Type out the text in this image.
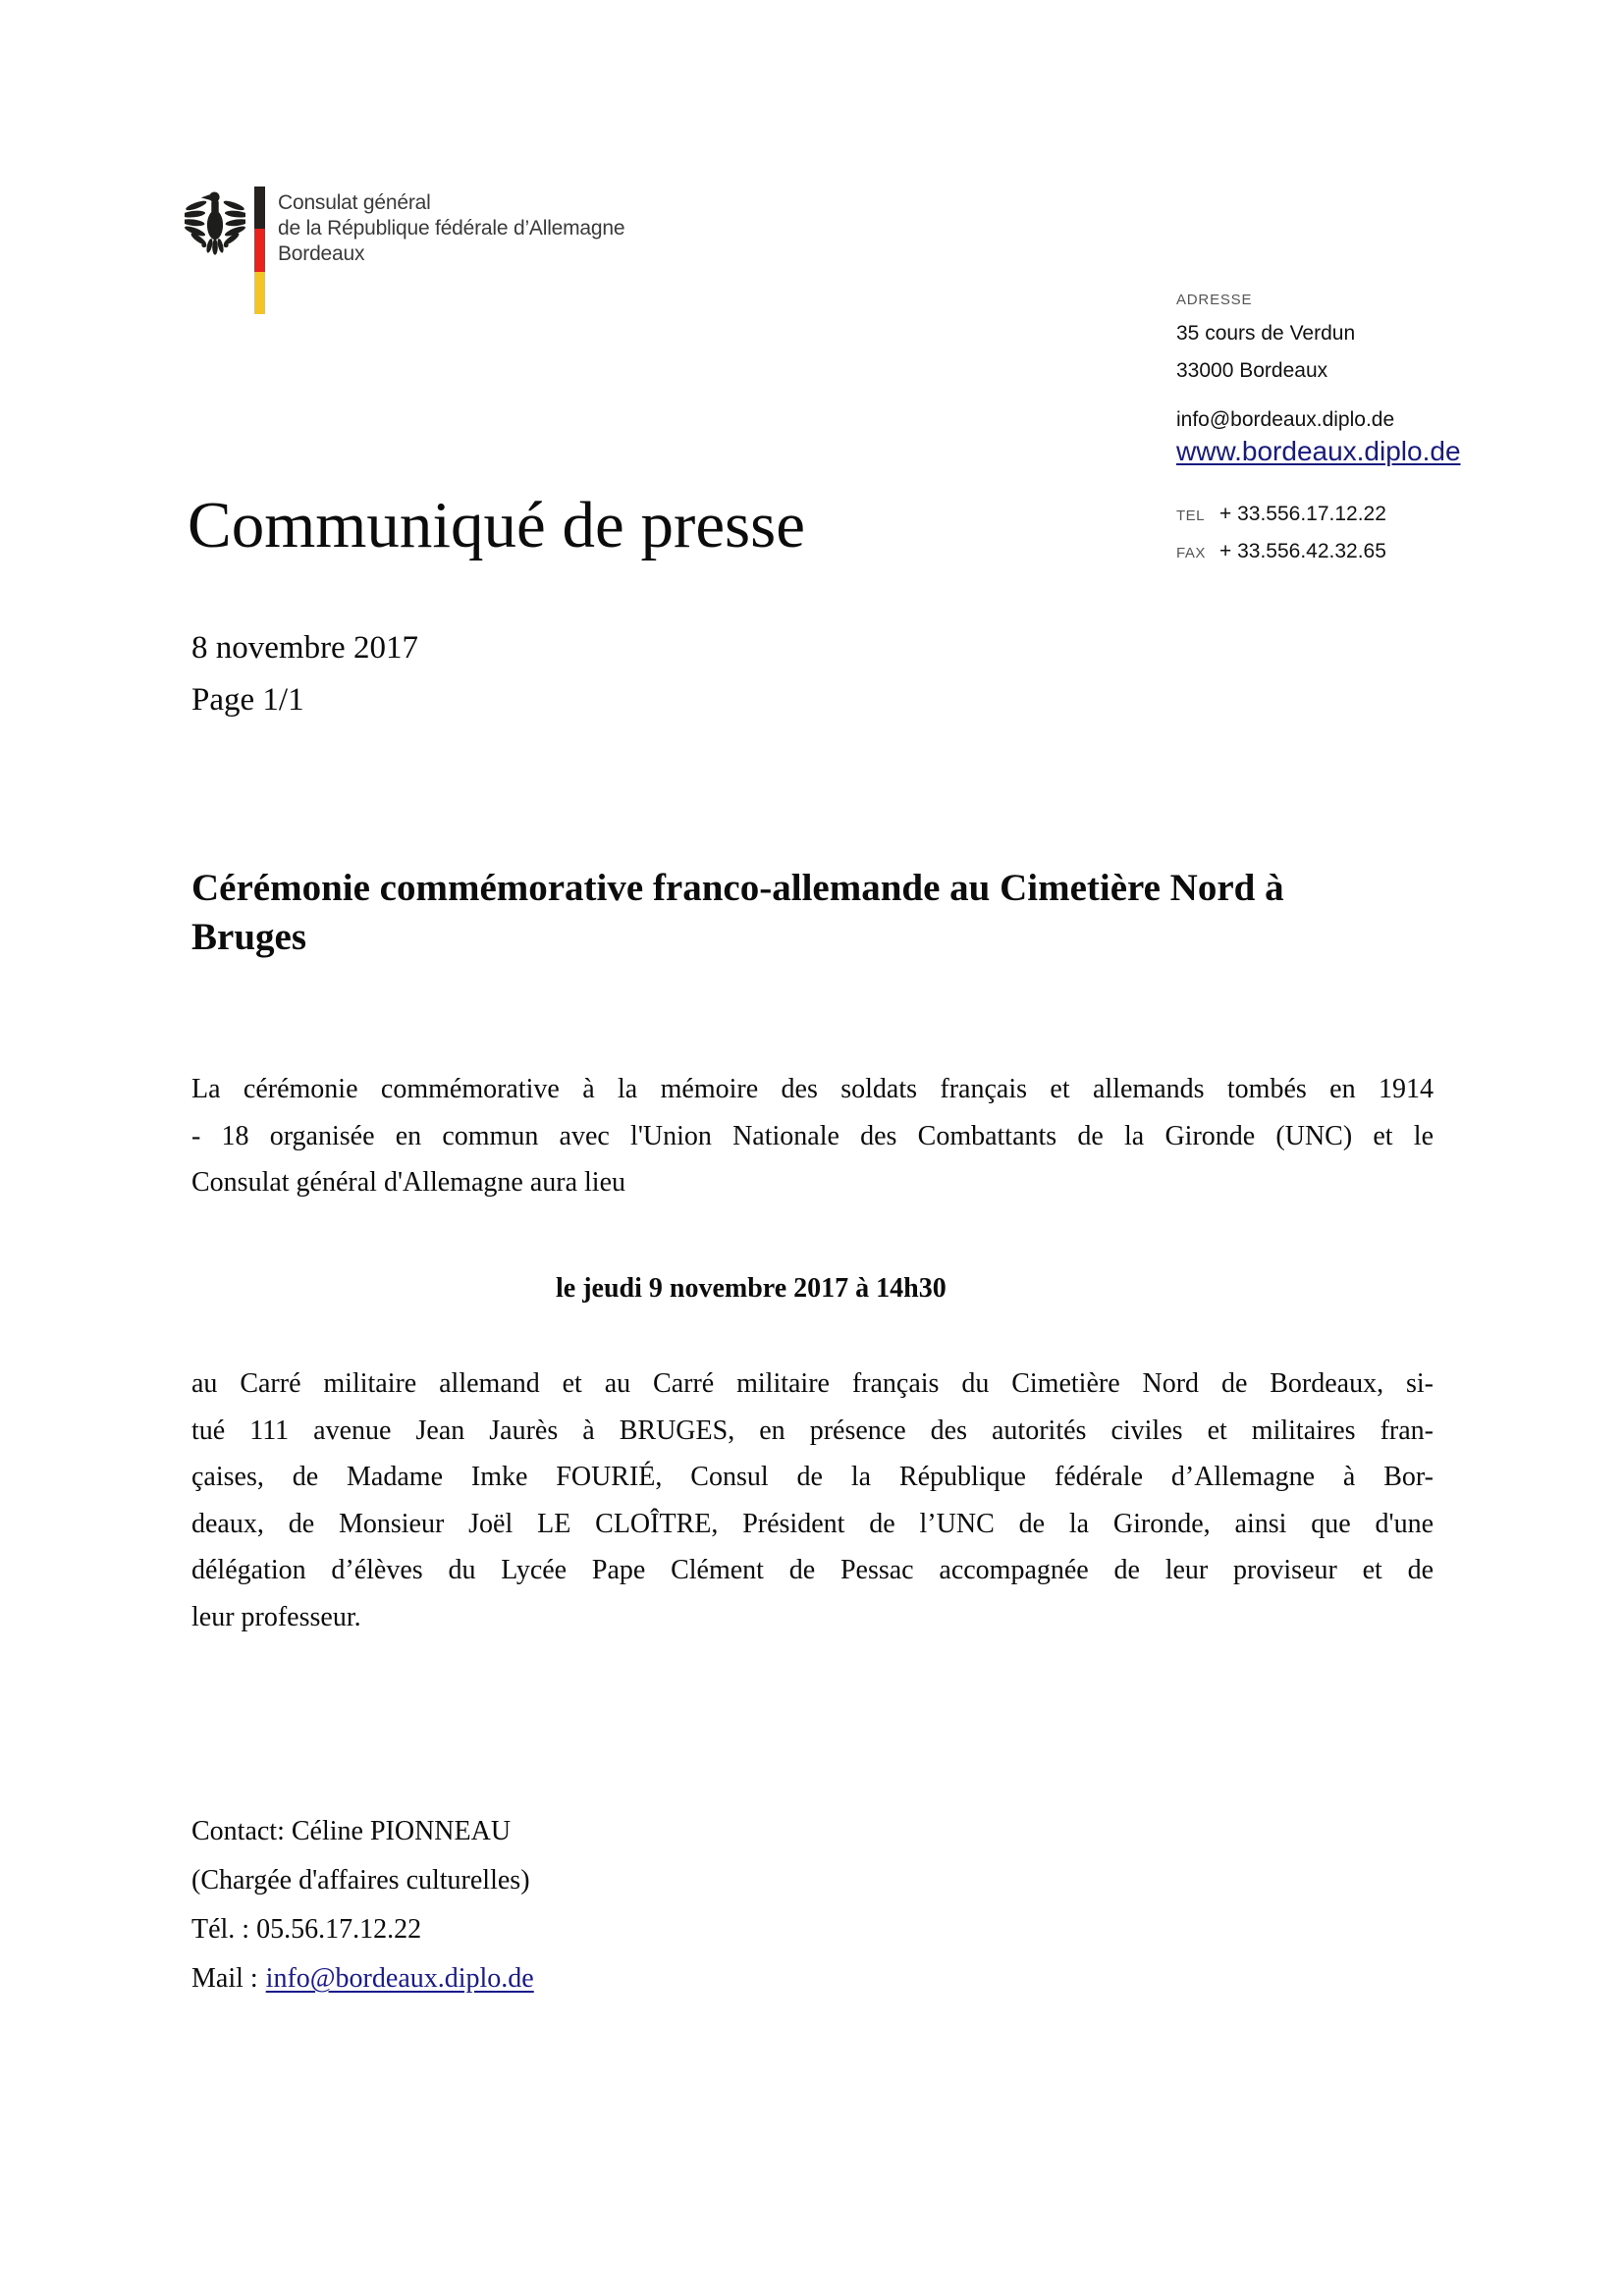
Consulat général
de la République fédérale d’Allemagne
Bordeaux
ADRESSE
35 cours de Verdun
33000 Bordeaux
info@bordeaux.diplo.de
www.bordeaux.diplo.de
TEL + 33.556.17.12.22
FAX + 33.556.42.32.65
Communiqué de presse
8 novembre 2017
Page 1/1
Cérémonie commémorative franco-allemande au Cimetière Nord à
Bruges
La cérémonie commémorative à la mémoire des soldats français et allemands tombés en 1914
- 18 organisée en commun avec l'Union Nationale des Combattants de la Gironde (UNC) et le
Consulat général d'Allemagne aura lieu
le jeudi 9 novembre 2017 à 14h30
au Carré militaire allemand et au Carré militaire français du Cimetière Nord de Bordeaux, si-
tué 111 avenue Jean Jaurès à BRUGES, en présence des autorités civiles et militaires fran-
çaises, de Madame Imke FOURIÉ, Consul de la République fédérale d’Allemagne à Bor-
deaux, de Monsieur Joël LE CLOÎTRE, Président de l’UNC de la Gironde, ainsi que d'une
délégation d’élèves du Lycée Pape Clément de Pessac accompagnée de leur proviseur et de
leur professeur.
Contact: Céline PIONNEAU
(Chargée d'affaires culturelles)
Tél. : 05.56.17.12.22
Mail : info@bordeaux.diplo.de
